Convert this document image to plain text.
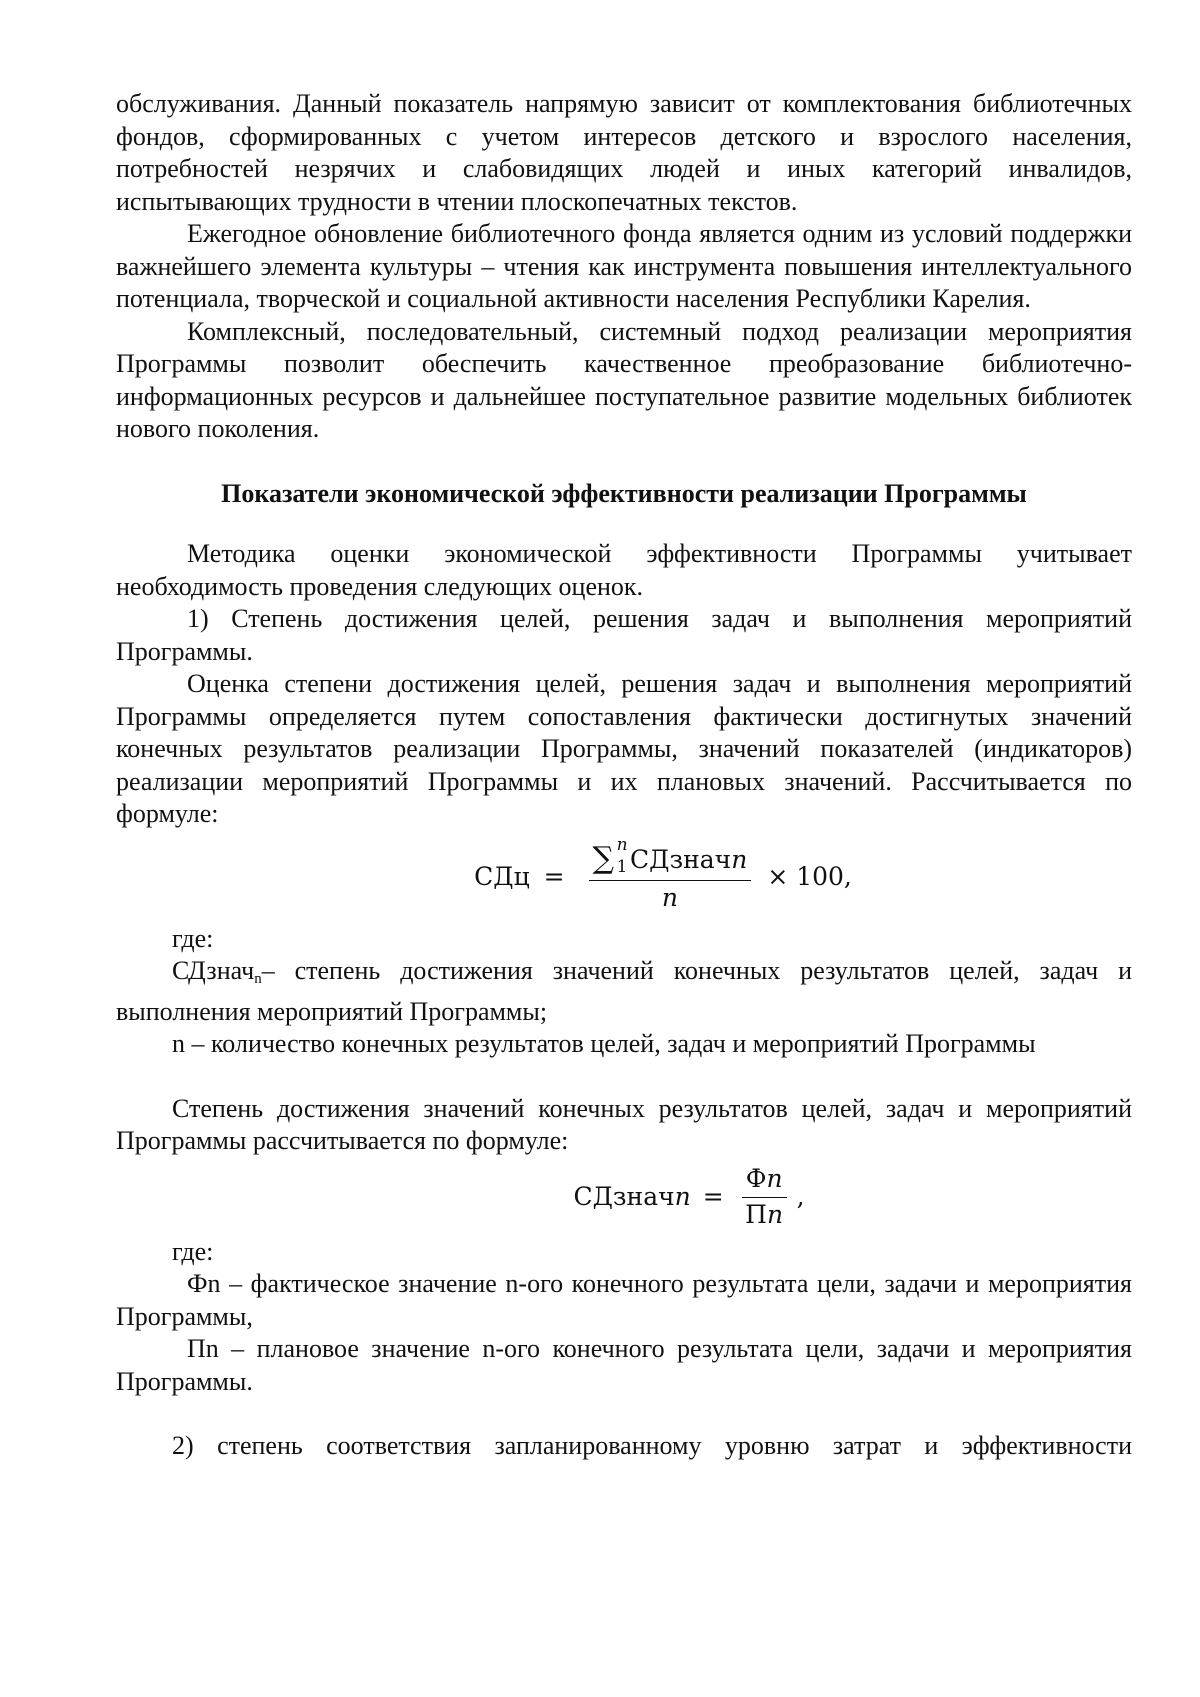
обслуживания. Данный показатель напрямую зависит от комплектования библиотечных фондов, сформированных с учетом интересов детского и взрослого населения, потребностей незрячих и слабовидящих людей и иных категорий инвалидов, испытывающих трудности в чтении плоскопечатных текстов.

Ежегодное обновление библиотечного фонда является одним из условий поддержки важнейшего элемента культуры – чтения как инструмента повышения интеллектуального потенциала, творческой и социальной активности населения Республики Карелия.

Комплексный, последовательный, системный подход реализации мероприятия Программы позволит обеспечить качественное преобразование библиотечно-информационных ресурсов и дальнейшее поступательное развитие модельных библиотек нового поколения.

Показатели экономической эффективности реализации Программы

Методика оценки экономической эффективности Программы учитывает необходимость проведения следующих оценок.

1) Степень достижения целей, решения задач и выполнения мероприятий Программы.

Оценка степени достижения целей, решения задач и выполнения мероприятий Программы определяется путем сопоставления фактически достигнутых значений конечных результатов реализации Программы, значений показателей (индикаторов) реализации мероприятий Программы и их плановых значений. Рассчитывается по формуле:

СДц = ∑ n
1 СДзначn
n × 100,

где:

СДзнач$_n$– степень достижения значений конечных результатов целей, задач и выполнения мероприятий Программы;

n – количество конечных результатов целей, задач и мероприятий Программы

Степень достижения значений конечных результатов целей, задач и мероприятий Программы рассчитывается по формуле:

СДзначn = $\frac{Фn}{Пn}$ ,

где:

Фn – фактическое значение n-ого конечного результата цели, задачи и мероприятия Программы,

Пn – плановое значение n-ого конечного результата цели, задачи и мероприятия Программы.

2) степень соответствия запланированному уровню затрат и эффективности
